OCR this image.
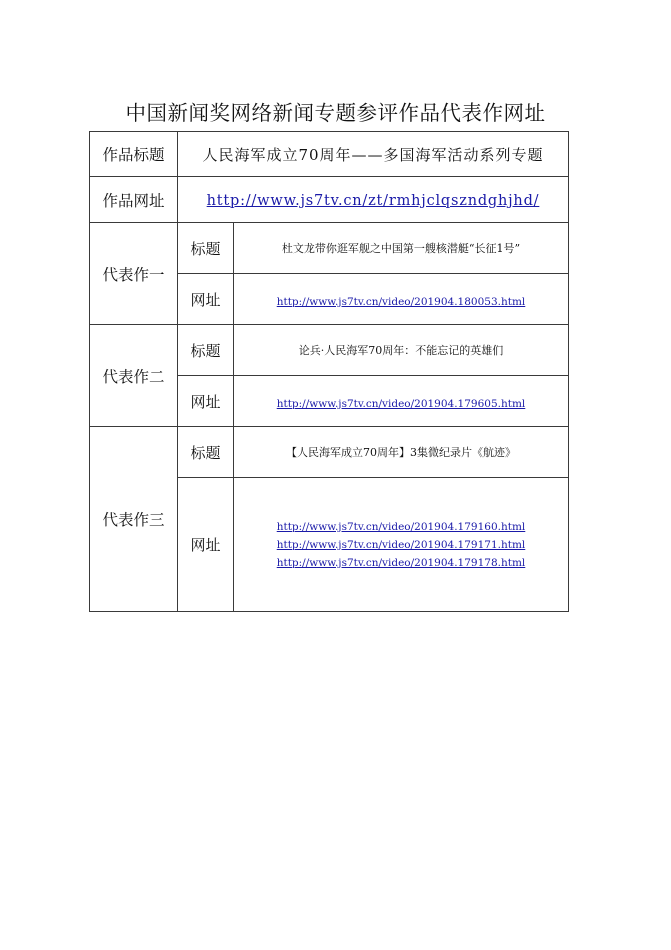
中国新闻奖网络新闻专题参评作品代表作网址
作品标题	人民海军成立70周年——多国海军活动系列专题	
作品网址	http://www.js7tv.cn/zt/rmhjclqszndghjhd/	
代表作一	标题	杜文龙带你逛军舰之中国第一艘核潜艇“长征1号”
	网址	http://www.js7tv.cn/video/201904.180053.html
代表作二	标题	论兵·人民海军70周年：不能忘记的英雄们
	网址	http://www.js7tv.cn/video/201904.179605.html
代表作三	标题	【人民海军成立70周年】3集微纪录片《航迹》
	网址	http://www.js7tv.cn/video/201904.179160.html
http://www.js7tv.cn/video/201904.179171.html
http://www.js7tv.cn/video/201904.179178.html
